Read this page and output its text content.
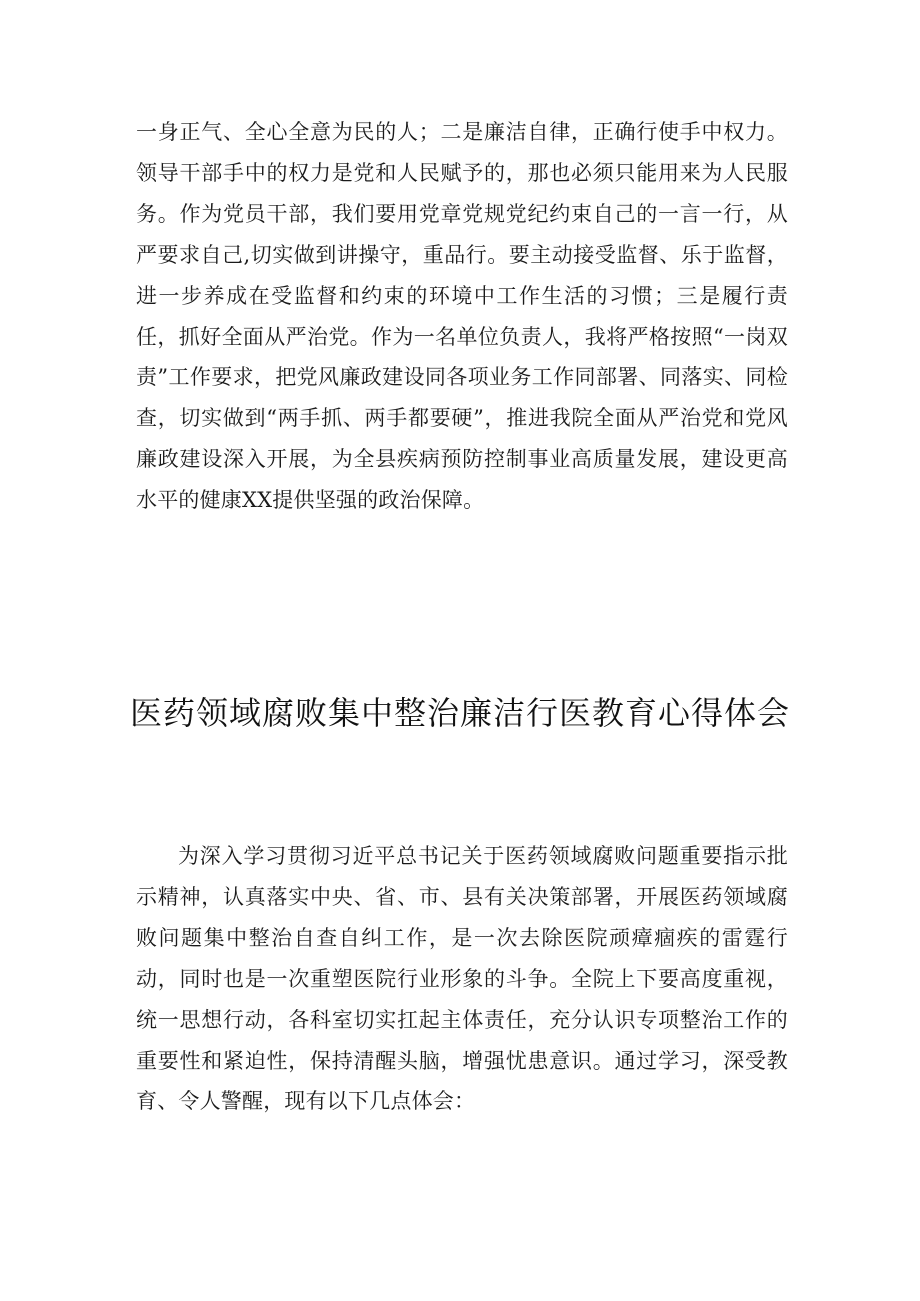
一身正气、全心全意为民的人；二是廉洁自律，正确行使手中权力。领导干部手中的权力是党和人民赋予的，那也必须只能用来为人民服务。作为党员干部，我们要用党章党规党纪约束自己的一言一行，从严要求自己,切实做到讲操守，重品行。要主动接受监督、乐于监督，进一步养成在受监督和约束的环境中工作生活的习惯；三是履行责任，抓好全面从严治党。作为一名单位负责人，我将严格按照“一岗双责”工作要求，把党风廉政建设同各项业务工作同部署、同落实、同检查，切实做到“两手抓、两手都要硬”，推进我院全面从严治党和党风廉政建设深入开展，为全县疾病预防控制事业高质量发展，建设更高水平的健康XX提供坚强的政治保障。

医药领域腐败集中整治廉洁行医教育心得体会

为深入学习贯彻习近平总书记关于医药领域腐败问题重要指示批示精神，认真落实中央、省、市、县有关决策部署，开展医药领域腐败问题集中整治自查自纠工作，是一次去除医院顽瘴痼疾的雷霆行动，同时也是一次重塑医院行业形象的斗争。全院上下要高度重视，统一思想行动，各科室切实扛起主体责任，充分认识专项整治工作的重要性和紧迫性，保持清醒头脑，增强忧患意识。通过学习，深受教育、令人警醒，现有以下几点体会：
